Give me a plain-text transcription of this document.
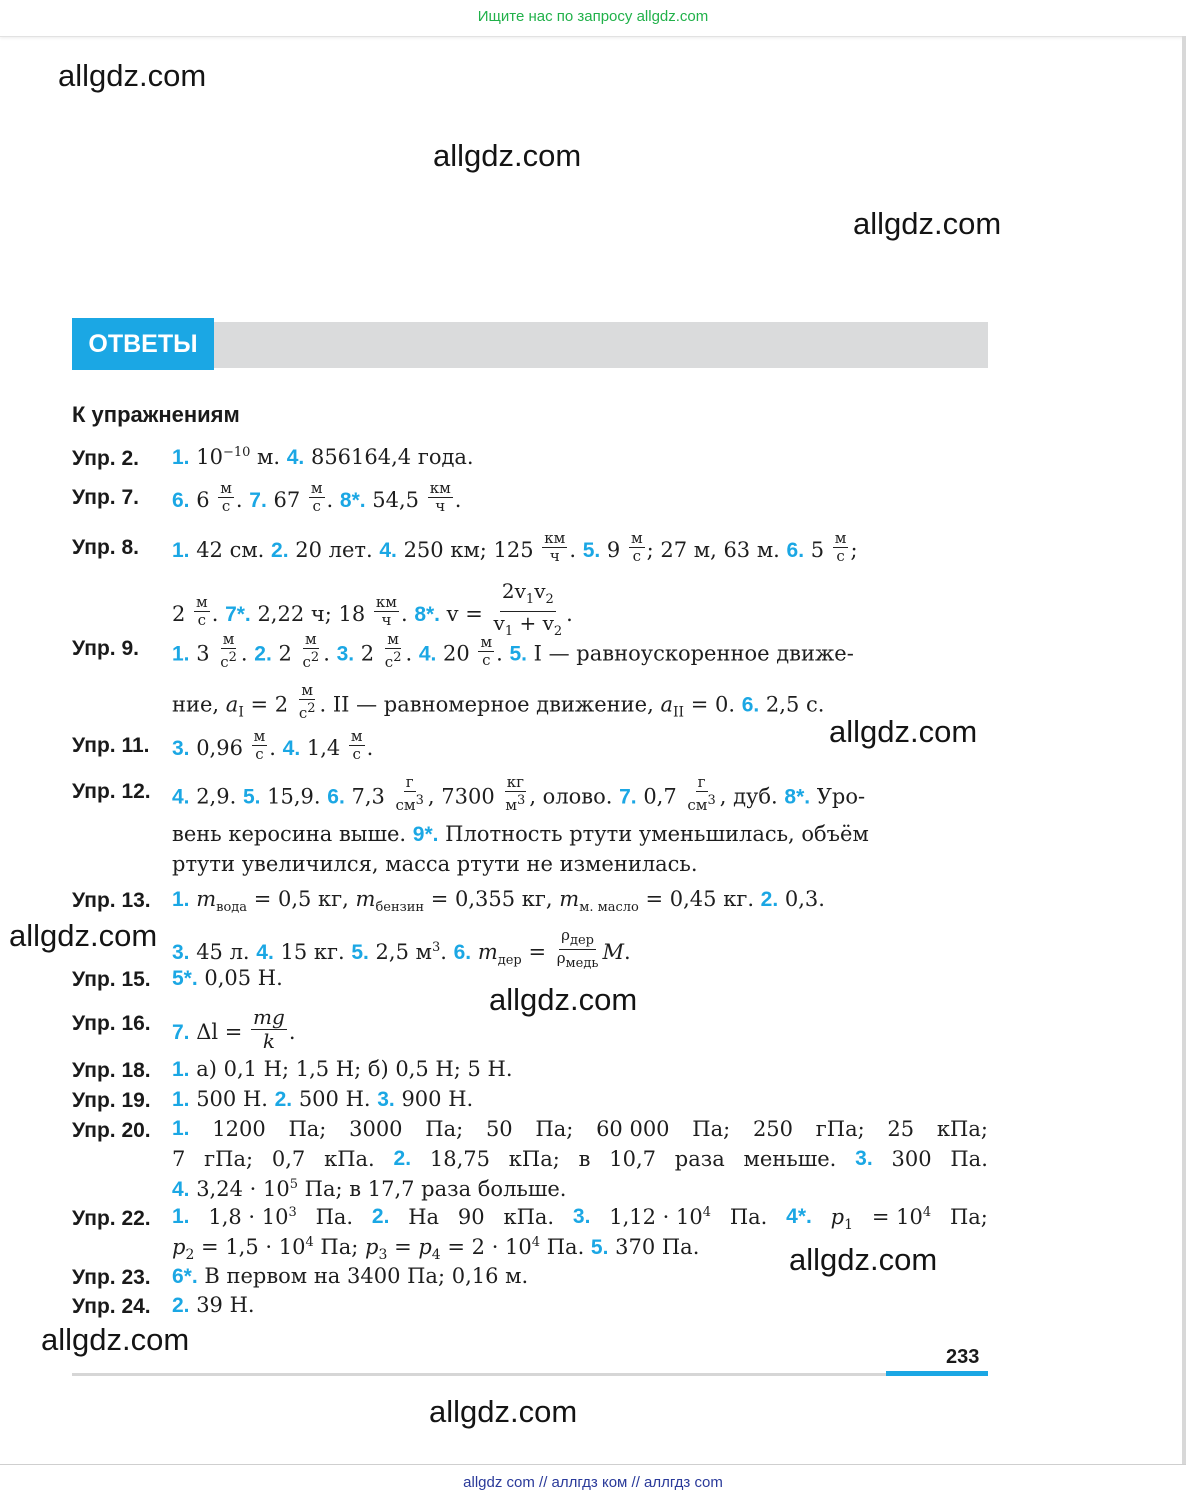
Ищите нас по запросу allgdz.com
allgdz.com
allgdz.com
allgdz.com
allgdz.com
allgdz.com
allgdz.com
allgdz.com
allgdz.com
allgdz.com
ОТВЕТЫ
К упражнениям
Упр. 2. 1. $10^{-10}$ м. 4. 856164,4 года.
Упр. 7. 6. 6 м
с . 7. 67 м
с . 8*. 54,5 км
ч .
Упр. 8. 1. 42 см. 2. 20 лет. 4. 250 км; 125 км
ч . 5. 9 м
с ; 27 м, 63 м. 6. 5 м
с ;
2 м
с . 7*. 2,22 ч; 18 км
ч . 8*. $v = \frac{2v_1v_2}{v_1 + v_2}$ .
Упр. 9. 1. 3
м
$с^2$ . 2. 2
м
$с^2$ . 3. 2
м
$с^2$ . 4. 20 м
с . 5. I — равноускоренное движе-
ние, $a_I = 2$
м
$с^2$ . II — равномерное движение, $a_{II} = 0$. 6. 2,5 с.
Упр. 11. 3. 0,96 м
с . 4. 1,4 м
с .
Упр. 12. 4. 2,9. 5. 15,9. 6. 7,3
г
$см^3$ , 7300
кг
$м^3$ , олово. 7. 0,7
г
$см^3$ , дуб. 8*. Уро-
вень керосина выше. 9*. Плотность ртути уменьшилась, объём
ртути увеличился, масса ртути не изменилась.
Упр. 13. 1. $m_{вода} = 0,5$ кг, $m_{бензин} = 0,355$ кг, $m_{м. масло} = 0,45$ кг. 2. 0,3.
3. 45 л. 4. 15 кг. 5. 2,5 $м^3$. 6. $m_{дер}$ =
$\rho_{дер}$
$\rho_{медь}$ M.
Упр. 15. 5*. 0,05 Н.
Упр. 16. 7. $\Delta l = \frac{mg}{k}$ .
Упр. 18. 1. а) 0,1 Н; 1,5 Н; б) 0,5 Н; 5 Н.
Упр. 19. 1. 500 Н. 2. 500 Н. 3. 900 Н.
Упр. 20. 1. 1200 Па; 3000 Па; 50 Па; 60 000 Па; 250 гПа; 25 кПа;
7 гПа; 0,7 кПа. 2. 18,75 кПа; в 10,7 раза меньше. 3. 300 Па.
4. $3,24 \cdot 10^5$ Па; в 17,7 раза больше.
Упр. 22. 1. $1,8 \cdot 10^3$ Па. 2. На 90 кПа. 3. $1,12 \cdot 10^4$ Па. 4*. $p_1 = 10^4$ Па;
$p_2 = 1,5 \cdot 10^4$ Па; $p_3 = p_4 = 2 \cdot 10^4$ Па. 5. 370 Па.
Упр. 23. 6*. В первом на 3400 Па; 0,16 м.
Упр. 24. 2. 39 Н.
233
allgdz com // аллгдз ком // аллгдз com
